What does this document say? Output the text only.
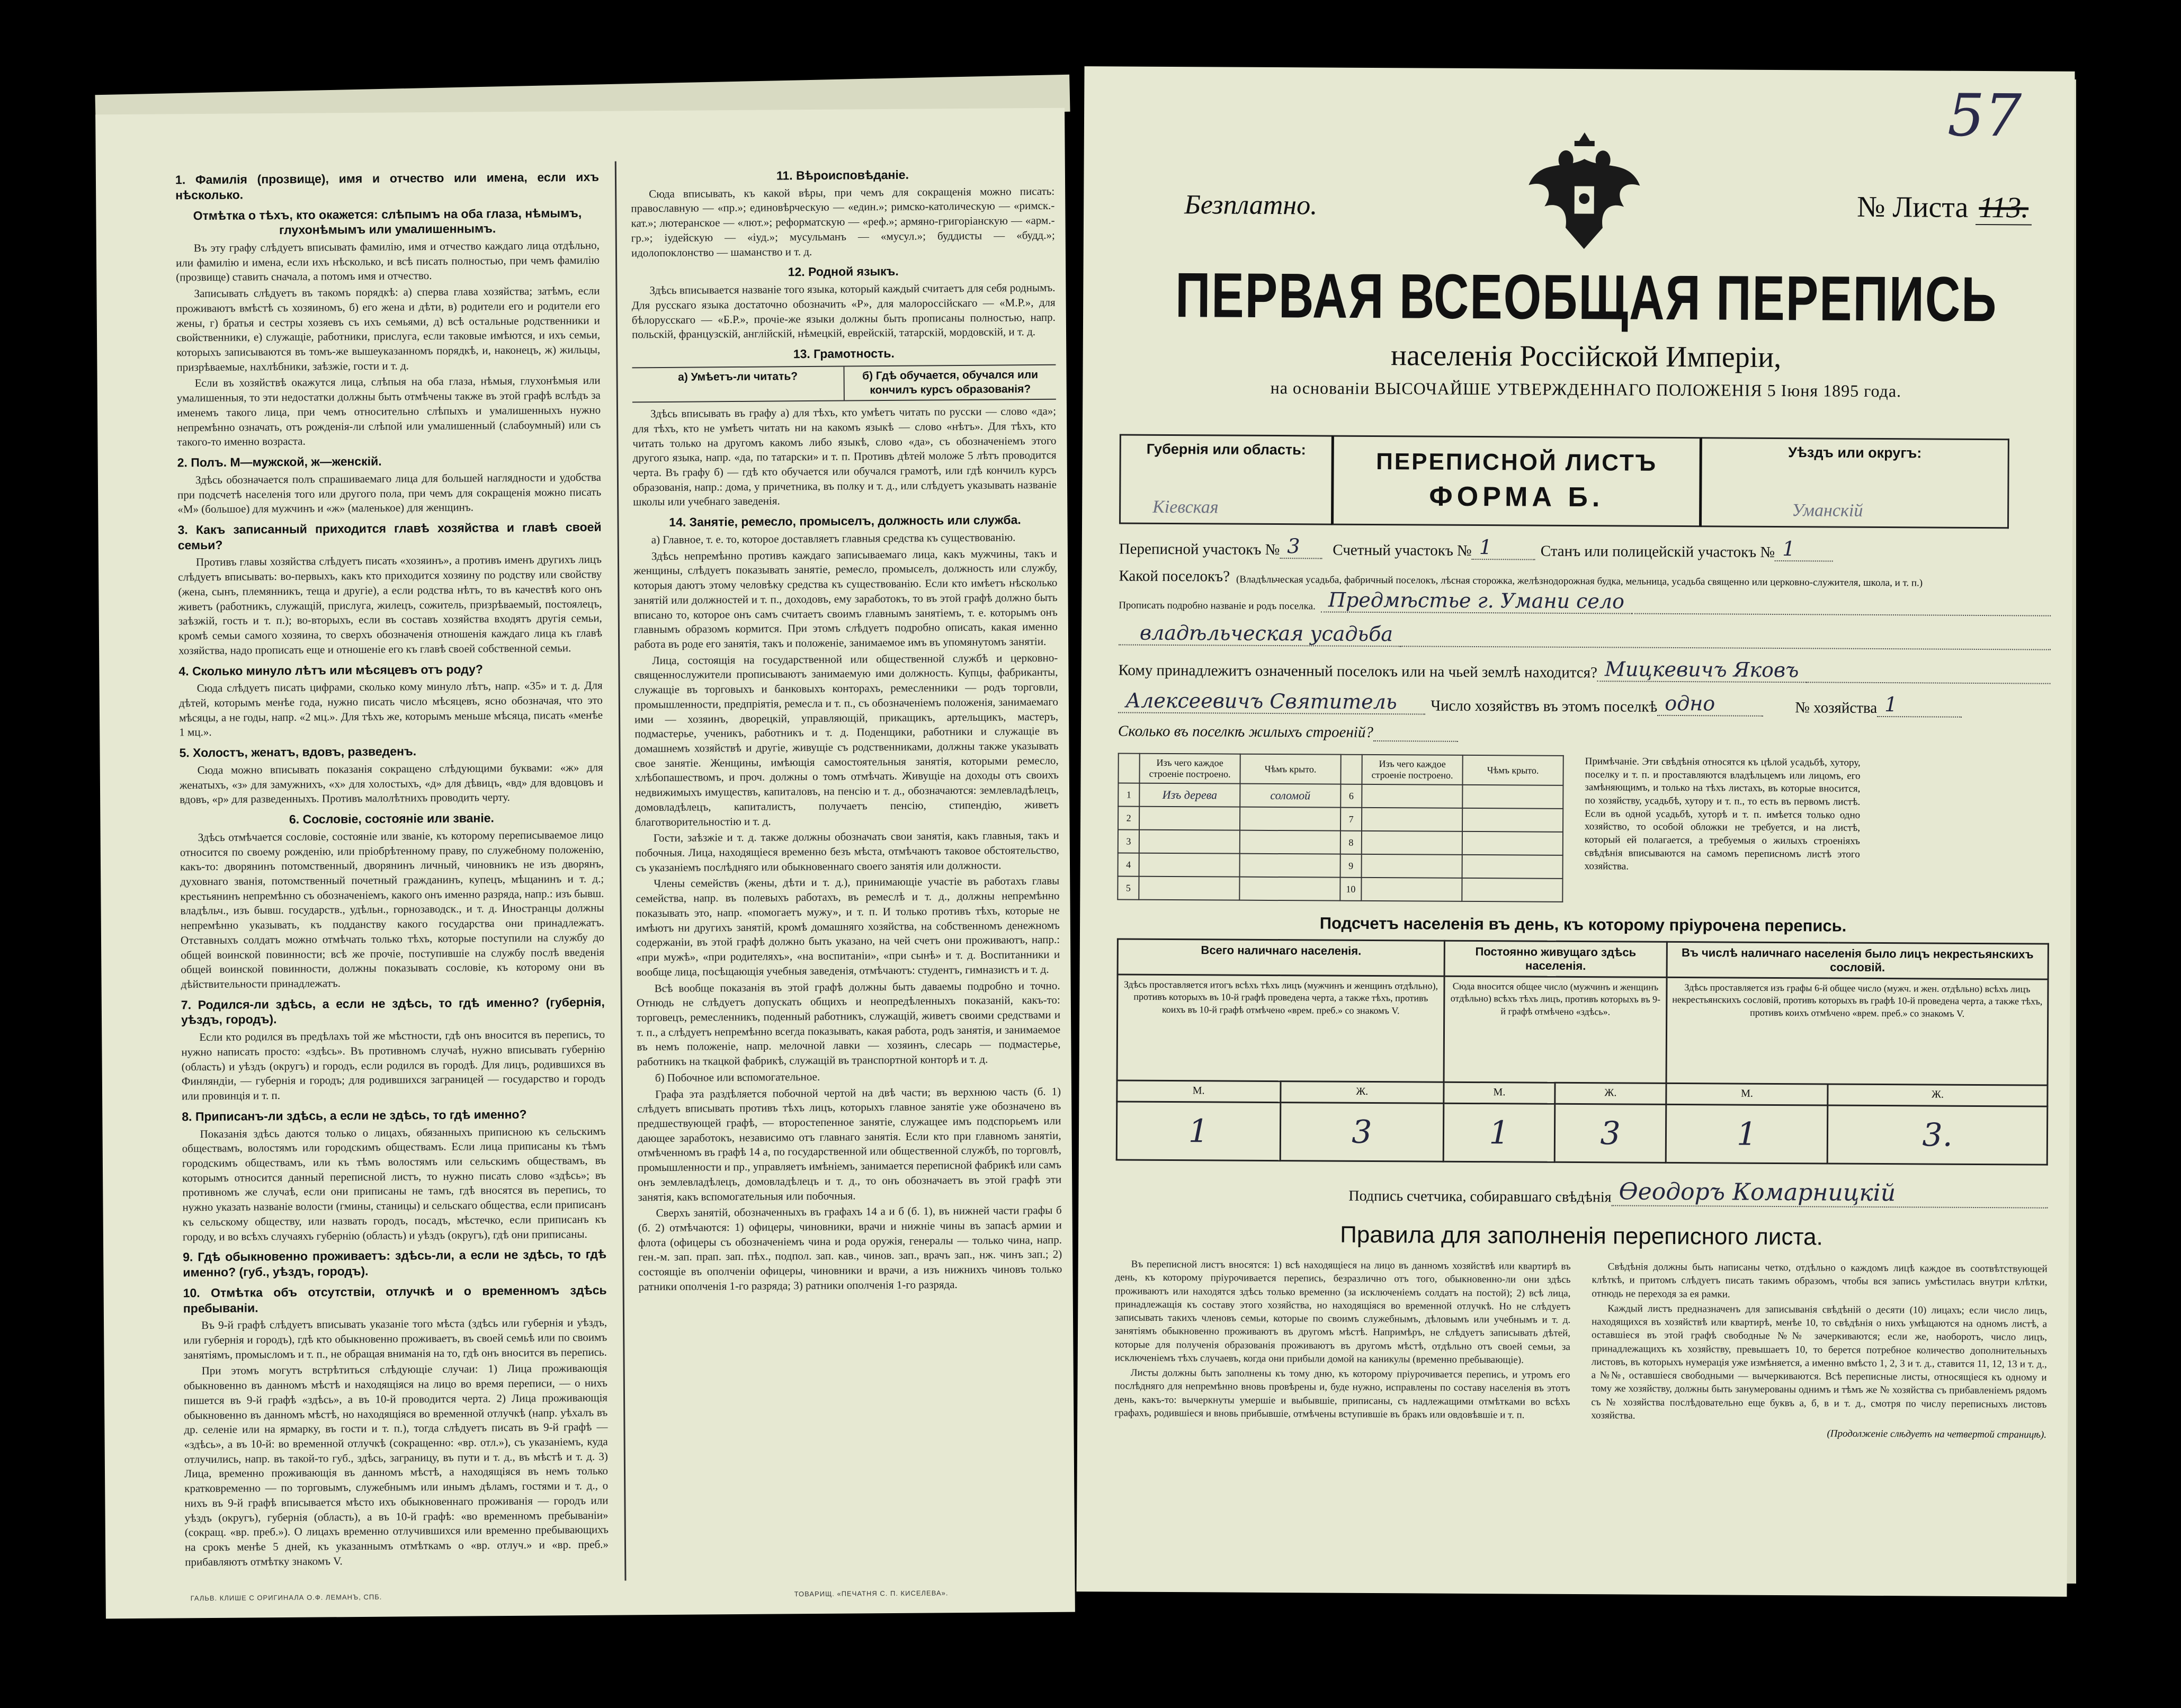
1. Фамилія (прозвище), имя и отчество или имена, если ихъ нѣсколько.
Отмѣтка о тѣхъ, кто окажется: слѣпымъ на оба глаза, нѣмымъ, глухонѣмымъ или умалишеннымъ.
Въ эту графу слѣдуетъ вписывать фамилію, имя и отчество каждаго лица отдѣльно, или фамилію и имена, если ихъ нѣсколько, и всѣ писать полностью, при чемъ фамилію (прозвище) ставить сначала, а потомъ имя и отчество.
Записывать слѣдуетъ въ такомъ порядкѣ: а) сперва глава хозяйства; затѣмъ, если проживаютъ вмѣстѣ съ хозяиномъ, б) его жена и дѣти, в) родители его и родители его жены, г) братья и сестры хозяевъ съ ихъ семьями, д) всѣ остальные родственники и свойственники, е) служащіе, работники, прислуга, если таковые имѣются, и ихъ семьи, которыхъ записываются въ томъ-же вышеуказанномъ порядкѣ, и, наконецъ, ж) жильцы, призрѣваемые, нахлѣбники, заѣзжіе, гости и т. д.
Если въ хозяйствѣ окажутся лица, слѣпыя на оба глаза, нѣмыя, глухонѣмыя или умалишенныя, то эти недостатки должны быть отмѣчены также въ этой графѣ вслѣдъ за именемъ такого лица, при чемъ относительно слѣпыхъ и умалишенныхъ нужно непремѣнно означать, отъ рожденія-ли слѣпой или умалишенный (слабоумный) или съ такого-то именно возраста.
2. Полъ. М—мужской, ж—женскій.
Здѣсь обозначается полъ спрашиваемаго лица для большей наглядности и удобства при подсчетѣ населенія того или другого пола, при чемъ для сокращенія можно писать «М» (большое) для мужчинъ и «ж» (маленькое) для женщинъ.
3. Какъ записанный приходится главѣ хозяйства и главѣ своей семьи?
Противъ главы хозяйства слѣдуетъ писать «хозяинъ», а противъ именъ другихъ лицъ слѣдуетъ вписывать: во-первыхъ, какъ кто приходится хозяину по родству или свойству (жена, сынъ, племянникъ, теща и другіе), а если родства нѣтъ, то въ качествѣ кого онъ живетъ (работникъ, служащій, прислуга, жилецъ, сожитель, призрѣваемый, постоялецъ, заѣзжій, гость и т. п.); во-вторыхъ, если въ составъ хозяйства входятъ другія семьи, кромѣ семьи самого хозяина, то сверхъ обозначенія отношенія каждаго лица къ главѣ хозяйства, надо прописать еще и отношеніе его къ главѣ своей собственной семьи.
4. Сколько минуло лѣтъ или мѣсяцевъ отъ роду?
Сюда слѣдуетъ писать цифрами, сколько кому минуло лѣтъ, напр. «35» и т. д. Для дѣтей, которымъ менѣе года, нужно писать число мѣсяцевъ, ясно обозначая, что это мѣсяцы, а не годы, напр. «2 мц.». Для тѣхъ же, которымъ меньше мѣсяца, писать «менѣе 1 мц.».
5. Холостъ, женатъ, вдовъ, разведенъ.
Сюда можно вписывать показанія сокращено слѣдующими буквами: «ж» для женатыхъ, «з» для замужнихъ, «х» для холостыхъ, «д» для дѣвицъ, «вд» для вдовцовъ и вдовъ, «р» для разведенныхъ. Противъ малолѣтнихъ проводить черту.
6. Сословіе, состояніе или званіе.
Здѣсь отмѣчается сословіе, состояніе или званіе, къ которому переписываемое лицо относится по своему рожденію, или пріобрѣтенному праву, по служебному положенію, какъ-то: дворянинъ потомственный, дворянинъ личный, чиновникъ не изъ дворянъ, духовнаго званія, потомственный почетный гражданинъ, купецъ, мѣщанинъ и т. д.; крестьянинъ непремѣнно съ обозначеніемъ, какого онъ именно разряда, напр.: изъ бывш. владѣльч., изъ бывш. государств., удѣльн., горнозаводск., и т. д. Иностранцы должны непремѣнно указывать, къ подданству какого государства они принадлежатъ. Отставныхъ солдатъ можно отмѣчать только тѣхъ, которые поступили на службу до общей воинской повинности; всѣ же прочіе, поступившіе на службу послѣ введенія общей воинской повинности, должны показывать сословіе, къ которому они въ дѣйствительности принадлежатъ.
7. Родился-ли здѣсь, а если не здѣсь, то гдѣ именно? (губернія, уѣздъ, городъ).
Если кто родился въ предѣлахъ той же мѣстности, гдѣ онъ вносится въ перепись, то нужно написать просто: «здѣсь». Въ противномъ случаѣ, нужно вписывать губернію (область) и уѣздъ (округъ) и городъ, если родился въ городѣ. Для лицъ, родившихся въ Финляндіи, — губернія и городъ; для родившихся заграницей — государство и городъ или провинція и т. п.
8. Приписанъ-ли здѣсь, а если не здѣсь, то гдѣ именно?
Показанія здѣсь даются только о лицахъ, обязанныхъ приписною къ сельскимъ обществамъ, волостямъ или городскимъ обществамъ. Если лица приписаны къ тѣмъ городскимъ обществамъ, или къ тѣмъ волостямъ или сельскимъ обществамъ, въ которымъ относится данный переписной листъ, то нужно писать слово «здѣсь»; въ противномъ же случаѣ, если они приписаны не тамъ, гдѣ вносятся въ перепись, то нужно указать названіе волости (гмины, станицы) и сельскаго общества, если приписанъ къ сельскому обществу, или назвать городъ, посадъ, мѣстечко, если приписанъ къ городу, и во всѣхъ случаяхъ губернію (область) и уѣздъ (округъ), гдѣ они приписаны.
9. Гдѣ обыкновенно проживаетъ: здѣсь-ли, а если не здѣсь, то гдѣ именно? (губ., уѣздъ, городъ).
10. Отмѣтка объ отсутствіи, отлучкѣ и о временномъ здѣсь пребываніи.
Въ 9-й графѣ слѣдуетъ вписывать указаніе того мѣста (здѣсь или губернія и уѣздъ, или губернія и городъ), гдѣ кто обыкновенно проживаетъ, въ своей семьѣ или по своимъ занятіямъ, промысломъ и т. п., не обращая вниманія на то, гдѣ онъ вносится въ перепись.
При этомъ могутъ встрѣтиться слѣдующіе случаи: 1) Лица проживающія обыкновенно въ данномъ мѣстѣ и находящіяся на лицо во время переписи, — о нихъ пишется въ 9-й графѣ «здѣсь», а въ 10-й проводится черта. 2) Лица проживающія обыкновенно въ данномъ мѣстѣ, но находящіяся во временной отлучкѣ (напр. уѣхалъ въ др. селеніе или на ярмарку, въ гости и т. п.), тогда слѣдуетъ писать въ 9-й графѣ — «здѣсь», а въ 10-й: во временной отлучкѣ (сокращенно: «вр. отл.»), съ указаніемъ, куда отлучились, напр. въ такой-то губ., здѣсь, заграницу, въ пути и т. д., въ мѣстѣ и т. д. 3) Лица, временно проживающія въ данномъ мѣстѣ, а находящіяся въ немъ только кратковременно — по торговымъ, служебнымъ или инымъ дѣламъ, гостями и т. д., о нихъ въ 9-й графѣ вписывается мѣсто ихъ обыкновеннаго проживанія — городъ или уѣздъ (округъ), губернія (область), а въ 10-й графѣ: «во временномъ пребываніи» (сокращ. «вр. преб.»). О лицахъ временно отлучившихся или временно пребывающихъ на срокъ менѣе 5 дней, къ указаннымъ отмѣткамъ о «вр. отлуч.» и «вр. преб.» прибавляютъ отмѣтку знакомъ V.
11. Вѣроисповѣданіе.
Сюда вписывать, къ какой вѣры, при чемъ для сокращенія можно писать: православную — «пр.»; единовѣрческую — «един.»; римско-католическую — «римск.-кат.»; лютеранское — «лют.»; реформатскую — «реф.»; армяно-григоріанскую — «арм.-гр.»; іудейскую — «іуд.»; мусульманъ — «мусул.»; буддисты — «будд.»; идолопоклонство — шаманство и т. д.
12. Родной языкъ.
Здѣсь вписывается названіе того языка, который каждый считаетъ для себя роднымъ. Для русскаго языка достаточно обозначить «Р», для малороссійскаго — «М.Р.», для бѣлорусскаго — «Б.Р.», прочіе-же языки должны быть прописаны полностью, напр. польскій, французскій, англійскій, нѣмецкій, еврейскій, татарскій, мордовскій, и т. д.
13. Грамотность.
а) Умѣетъ-ли читать?	б) Гдѣ обучается, обучался или кончилъ курсъ образованія?
Здѣсь вписывать въ графу а) для тѣхъ, кто умѣетъ читать по русски — слово «да»; для тѣхъ, кто не умѣетъ читать ни на какомъ языкѣ — слово «нѣтъ». Для тѣхъ, кто читать только на другомъ какомъ либо языкѣ, слово «да», съ обозначеніемъ этого другого языка, напр. «да, по татарски» и т. п. Противъ дѣтей моложе 5 лѣтъ проводится черта. Въ графу б) — гдѣ кто обучается или обучался грамотѣ, или гдѣ кончилъ курсъ образованія, напр.: дома, у причетника, въ полку и т. д., или слѣдуетъ указывать названіе школы или учебнаго заведенія.
14. Занятіе, ремесло, промыселъ, должность или служба.
а) Главное, т. е. то, которое доставляетъ главныя средства къ существованію.
Здѣсь непремѣнно противъ каждаго записываемаго лица, какъ мужчины, такъ и женщины, слѣдуетъ показывать занятіе, ремесло, промыселъ, должность или службу, которыя даютъ этому человѣку средства къ существованію. Если кто имѣетъ нѣсколько занятій или должностей и т. п., доходовъ, ему заработокъ, то въ этой графѣ должно быть вписано то, которое онъ самъ считаетъ своимъ главнымъ занятіемъ, т. е. которымъ онъ главнымъ образомъ кормится. При этомъ слѣдуетъ подробно описать, какая именно работа въ роде его занятія, такъ и положеніе, занимаемое имъ въ упомянутомъ занятіи.
Лица, состоящія на государственной или общественной службѣ и церковно-священнослужители прописываютъ занимаемую ими должность. Купцы, фабриканты, служащіе въ торговыхъ и банковыхъ конторахъ, ремесленники — родъ торговли, промышленности, предпріятія, ремесла и т. п., съ обозначеніемъ положенія, занимаемаго ими — хозяинъ, дворецкій, управляющій, прикащикъ, артельщикъ, мастеръ, подмастерье, ученикъ, работникъ и т. д. Поденщики, работники и служащіе въ домашнемъ хозяйствѣ и другіе, живущіе съ родственниками, должны также указывать свое занятіе. Женщины, имѣющія самостоятельныя занятія, которыми ремесло, хлѣбопашествомъ, и проч. должны о томъ отмѣчать. Живущіе на доходы отъ своихъ недвижимыхъ имуществъ, капиталовъ, на пенсію и т. д., обозначаются: землевладѣлецъ, домовладѣлецъ, капиталистъ, получаетъ пенсію, стипендію, живетъ благотворительностію и т. д.
Гости, заѣзжіе и т. д. также должны обозначать свои занятія, какъ главныя, такъ и побочныя. Лица, находящіеся временно безъ мѣста, отмѣчаютъ таковое обстоятельство, съ указаніемъ послѣдняго или обыкновеннаго своего занятія или должности.
Члены семействъ (жены, дѣти и т. д.), принимающіе участіе въ работахъ главы семейства, напр. въ полевыхъ работахъ, въ ремеслѣ и т. д., должны непремѣнно показывать это, напр. «помогаетъ мужу», и т. п. И только противъ тѣхъ, которые не имѣютъ ни другихъ занятій, кромѣ домашняго хозяйства, на собственномъ денежномъ содержаніи, въ этой графѣ должно быть указано, на чей счетъ они проживаютъ, напр.: «при мужѣ», «при родителяхъ», «на воспитаніи», «при сынѣ» и т. д. Воспитанники и вообще лица, посѣщающія учебныя заведенія, отмѣчаютъ: студентъ, гимназистъ и т. д.
Всѣ вообще показанія въ этой графѣ должны быть даваемы подробно и точно. Отнюдь не слѣдуетъ допускать общихъ и неопредѣленныхъ показаній, какъ-то: торговецъ, ремесленникъ, поденный работникъ, служащій, живетъ своими средствами и т. п., а слѣдуетъ непремѣнно всегда показывать, какая работа, родъ занятія, и занимаемое въ немъ положеніе, напр. мелочной лавки — хозяинъ, слесарь — подмастерье, работникъ на ткацкой фабрикѣ, служащій въ транспортной конторѣ и т. д.
б) Побочное или вспомогательное.
Графа эта раздѣляется побочной чертой на двѣ части; въ верхнюю часть (б. 1) слѣдуетъ вписывать противъ тѣхъ лицъ, которыхъ главное занятіе уже обозначено въ предшествующей графѣ, — второстепенное занятіе, служащее имъ подспорьемъ или дающее заработокъ, независимо отъ главнаго занятія. Если кто при главномъ занятіи, отмѣченномъ въ графѣ 14 а, по государственной или общественной службѣ, по торговлѣ, промышленности и пр., управляетъ имѣніемъ, занимается переписной фабрикѣ или самъ онъ землевладѣлецъ, домовладѣлецъ и т. д., то онъ обозначаетъ въ этой графѣ эти занятія, какъ вспомогательныя или побочныя.
Сверхъ занятій, обозначенныхъ въ графахъ 14 а и б (б. 1), въ нижней части графы б (б. 2) отмѣчаются: 1) офицеры, чиновники, врачи и нижніе чины въ запасѣ армии и флота (офицеры съ обозначеніемъ чина и рода оружія, генералы — только чина, напр. ген.-м. зап. прап. зап. пѣх., подпол. зап. кав., чинов. зап., врачъ зап., нж. чинъ зап.; 2) состоящіе въ ополченіи офицеры, чиновники и врачи, а изъ нижнихъ чиновъ только ратники ополченія 1-го разряда; 3) ратники ополченія 1-го разряда.
ГАЛЬВ. КЛИШЕ С ОРИГИНАЛА О.Ф. ЛЕМАНЪ, СПБ.	ТОВАРИЩ. «ПЕЧАТНЯ С. П. КИСЕЛЕВА».
Безплатно.	№ Листа 113.
57
ПЕРВАЯ ВСЕОБЩАЯ ПЕРЕПИСЬ
населенія Россійской Имперіи,
на основаніи ВЫСОЧАЙШЕ УТВЕРЖДЕННАГО ПОЛОЖЕНІЯ 5 Іюня 1895 года.
Губернія или область:
Кіевская
ПЕРЕПИСНОЙ ЛИСТЪ
ФОРМА Б.
Уѣздъ или округъ:
Уманскій
Переписной участокъ № 3	Счетный участокъ № 1	Станъ или полицейскій участокъ № 1
Какой поселокъ? (Владѣльческая усадьба, фабричный поселокъ, лѣсная сторожка, желѣзнодорожная будка, мельница, усадьба священно или церковно-служителя, школа, и т. п.)
Прописать подробно названіе и родъ поселка. Предмѣстье г. Умани село
владѣльческая усадьба
Кому принадлежитъ означенный поселокъ или на чьей землѣ находится? Мицкевичъ Яковъ
Алексеевичъ Святитель	Число хозяйствъ въ этомъ поселкѣ одно	№ хозяйства 1
Сколько въ поселкѣ жилыхъ строеній?
	Изъ чего каждое строеніе построено.	Чѣмъ крыто.		Изъ чего каждое строеніе построено.	Чѣмъ крыто.
1	Изъ дерева	соломой	6		
2			7		
3			8		
4			9		
5			10		
Примѣчаніе. Эти свѣдѣнія относятся къ цѣлой усадьбѣ, хутору, поселку и т. п. и проставляются владѣльцемъ или лицомъ, его замѣняющимъ, и только на тѣхъ листахъ, въ которые вносится, по хозяйству, усадьбѣ, хутору и т. п., то есть въ первомъ листѣ. Если въ одной усадьбѣ, хуторѣ и т. п. имѣется только одно хозяйство, то особой обложки не требуется, и на листѣ, который ей полагается, а требуемыя о жилыхъ строеніяхъ свѣдѣнія вписываются на самомъ переписномъ листѣ этого хозяйства.
Подсчетъ населенія въ день, къ которому пріурочена перепись.
Всего наличнаго населенія.		Постоянно живущаго здѣсь населенія.		Въ числѣ наличнаго населенія было лицъ некрестьянскихъ сословій.	
Здѣсь проставляется итогъ всѣхъ тѣхъ лицъ (мужчинъ и женщинъ отдѣльно), противъ которыхъ въ 10-й графѣ проведена черта, а также тѣхъ, противъ коихъ въ 10-й графѣ отмѣчено «врем. преб.» со знакомъ V.		Сюда вносится общее число (мужчинъ и женщинъ отдѣльно) всѣхъ тѣхъ лицъ, противъ которыхъ въ 9-й графѣ отмѣчено «здѣсь».		Здѣсь проставляется изъ графы 6-й общее число (мужч. и жен. отдѣльно) всѣхъ лицъ некрестьянскихъ сословій, противъ которыхъ въ графѣ 10-й проведена черта, а также тѣхъ, противъ коихъ отмѣчено «врем. преб.» со знакомъ V.	
М.	Ж.	М.	Ж.	М.	Ж.
1	3	1	3	1	3.
Подпись счетчика, собиравшаго свѣдѣнія Өеодоръ Комарницкій
Правила для заполненія переписного листа.
Въ переписной листъ вносятся: 1) всѣ находящіеся на лицо въ данномъ хозяйствѣ или квартирѣ въ день, къ которому пріурочивается перепись, безразлично отъ того, обыкновенно-ли они здѣсь проживаютъ или находятся здѣсь только временно (за исключеніемъ солдатъ на постой); 2) всѣ лица, принадлежащія къ составу этого хозяйства, но находящіяся во временной отлучкѣ. Но не слѣдуетъ записывать такихъ членовъ семьи, которые по своимъ служебнымъ, дѣловымъ или учебнымъ и т. д. занятіямъ обыкновенно проживаютъ въ другомъ мѣстѣ. Напримѣръ, не слѣдуетъ записывать дѣтей, которые для полученія образованія проживаютъ въ другомъ мѣстѣ, отдѣльно отъ своей семьи, за исключеніемъ тѣхъ случаевъ, когда они прибыли домой на каникулы (временно пребывающіе).
Листы должны быть заполнены къ тому дню, къ которому пріурочивается перепись, и утромъ его послѣдняго для непремѣнно вновь провѣрены и, буде нужно, исправлены по составу населенія въ этотъ день, какъ-то: вычеркнуты умершіе и выбывшіе, приписаны, съ надлежащими отмѣтками во всѣхъ графахъ, родившіеся и вновь прибывшіе, отмѣчены вступившіе въ бракъ или овдовѣвшіе и т. п.
Свѣдѣнія должны быть написаны четко, отдѣльно о каждомъ лицѣ каждое въ соотвѣтствующей клѣткѣ, и притомъ слѣдуетъ писать такимъ образомъ, чтобы вся запись умѣстилась внутри клѣтки, отнюдь не переходя за ея рамки.
Каждый листъ предназначенъ для записыванія свѣдѣній о десяти (10) лицахъ; если число лицъ, находящихся въ хозяйствѣ или квартирѣ, менѣе 10, то свѣдѣнія о нихъ умѣщаются на одномъ листѣ, а оставшіеся въ этой графѣ свободные №№ зачеркиваются; если же, наоборотъ, число лицъ, принадлежащихъ къ хозяйству, превышаетъ 10, то берется потребное количество дополнительныхъ листовъ, въ которыхъ нумерація уже измѣняется, а именно вмѣсто 1, 2, 3 и т. д., ставится 11, 12, 13 и т. д., а №№, оставшіеся свободными — вычеркиваются. Всѣ переписные листы, относящіеся къ одному и тому же хозяйству, должны быть занумерованы однимъ и тѣмъ же № хозяйства съ прибавленіемъ рядомъ съ № хозяйства послѣдовательно еще буквъ а, б, в и т. д., смотря по числу переписныхъ листовъ хозяйства.
(Продолженіе слѣдуетъ на четвертой страницѣ).
